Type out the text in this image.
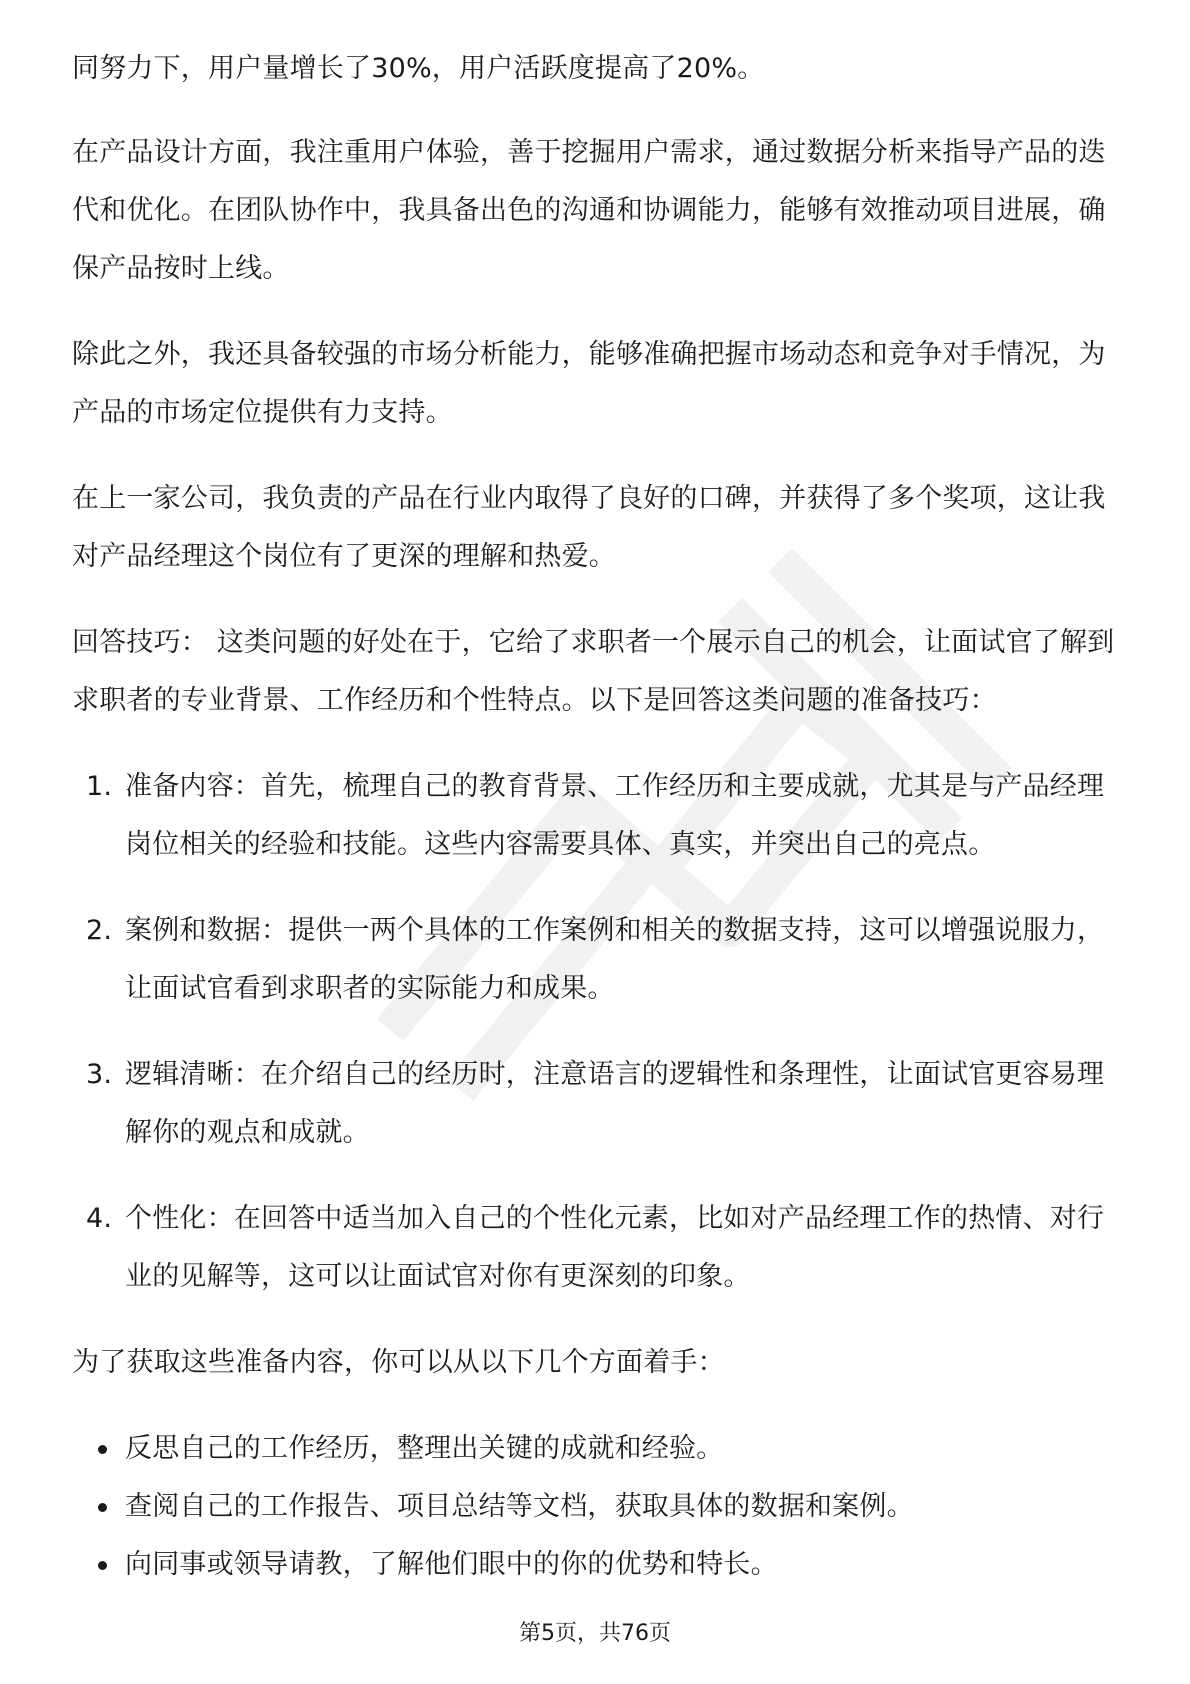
同努力下，用户量增长了30%，用户活跃度提高了20%。

在产品设计方面，我注重用户体验，善于挖掘用户需求，通过数据分析来指导产品的迭代和优化。在团队协作中，我具备出色的沟通和协调能力，能够有效推动项目进展，确保产品按时上线。

除此之外，我还具备较强的市场分析能力，能够准确把握市场动态和竞争对手情况，为产品的市场定位提供有力支持。

在上一家公司，我负责的产品在行业内取得了良好的口碑，并获得了多个奖项，这让我对产品经理这个岗位有了更深的理解和热爱。

回答技巧： 这类问题的好处在于，它给了求职者一个展示自己的机会，让面试官了解到求职者的专业背景、工作经历和个性特点。以下是回答这类问题的准备技巧：

1. 准备内容：首先，梳理自己的教育背景、工作经历和主要成就，尤其是与产品经理岗位相关的经验和技能。这些内容需要具体、真实，并突出自己的亮点。
2. 案例和数据：提供一两个具体的工作案例和相关的数据支持，这可以增强说服力，让面试官看到求职者的实际能力和成果。
3. 逻辑清晰：在介绍自己的经历时，注意语言的逻辑性和条理性，让面试官更容易理解你的观点和成就。
4. 个性化：在回答中适当加入自己的个性化元素，比如对产品经理工作的热情、对行业的见解等，这可以让面试官对你有更深刻的印象。

为了获取这些准备内容，你可以从以下几个方面着手：

反思自己的工作经历，整理出关键的成就和经验。
查阅自己的工作报告、项目总结等文档，获取具体的数据和案例。
向同事或领导请教，了解他们眼中的你的优势和特长。
第5页，共76页
